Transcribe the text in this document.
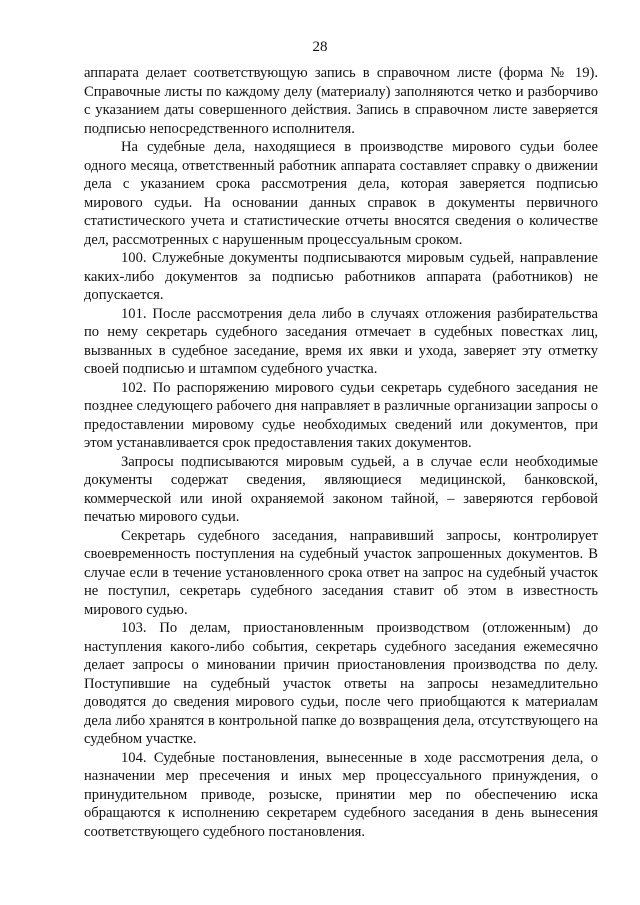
28

аппарата делает соответствующую запись в справочном листе (форма № 19). Справочные листы по каждому делу (материалу) заполняются четко и разборчиво с указанием даты совершенного действия. Запись в справочном листе заверяется подписью непосредственного исполнителя.

На судебные дела, находящиеся в производстве мирового судьи более одного месяца, ответственный работник аппарата составляет справку о движении дела с указанием срока рассмотрения дела, которая заверяется подписью мирового судьи. На основании данных справок в документы первичного статистического учета и статистические отчеты вносятся сведения о количестве дел, рассмотренных с нарушенным процессуальным сроком.

100. Служебные документы подписываются мировым судьей, направление каких-либо документов за подписью работников аппарата (работников) не допускается.

101. После рассмотрения дела либо в случаях отложения разбирательства по нему секретарь судебного заседания отмечает в судебных повестках лиц, вызванных в судебное заседание, время их явки и ухода, заверяет эту отметку своей подписью и штампом судебного участка.

102. По распоряжению мирового судьи секретарь судебного заседания не позднее следующего рабочего дня направляет в различные организации запросы о предоставлении мировому судье необходимых сведений или документов, при этом устанавливается срок предоставления таких документов.

Запросы подписываются мировым судьей, а в случае если необходимые документы содержат сведения, являющиеся медицинской, банковской, коммерческой или иной охраняемой законом тайной, – заверяются гербовой печатью мирового судьи.

Секретарь судебного заседания, направивший запросы, контролирует своевременность поступления на судебный участок запрошенных документов. В случае если в течение установленного срока ответ на запрос на судебный участок не поступил, секретарь судебного заседания ставит об этом в известность мирового судью.

103. По делам, приостановленным производством (отложенным) до наступления какого-либо события, секретарь судебного заседания ежемесячно делает запросы о миновании причин приостановления производства по делу. Поступившие на судебный участок ответы на запросы незамедлительно доводятся до сведения мирового судьи, после чего приобщаются к материалам дела либо хранятся в контрольной папке до возвращения дела, отсутствующего на судебном участке.

104. Судебные постановления, вынесенные в ходе рассмотрения дела, о назначении мер пресечения и иных мер процессуального принуждения, о принудительном приводе, розыске, принятии мер по обеспечению иска обращаются к исполнению секретарем судебного заседания в день вынесения соответствующего судебного постановления.
